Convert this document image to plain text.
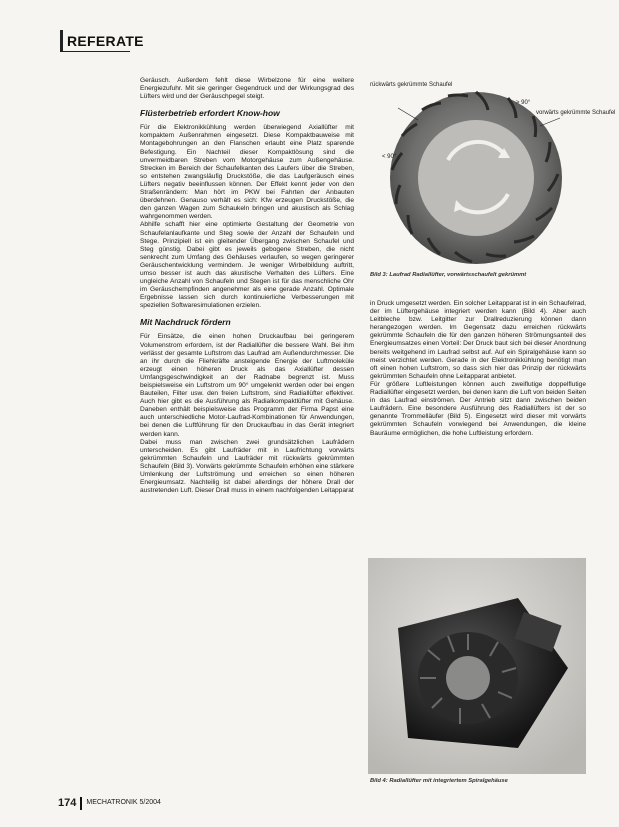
REFERATE

Geräusch. Außerdem fehlt diese Wirbelzone für eine weitere Energiezufuhr. Mit sie geringer Gegendruck und der Wirkungsgrad des Lüfters wird und der Geräuschpegel steigt.

Flüsterbetrieb erfordert Know-how

Für die Elektronikkühlung werden überwiegend Axiallüfter mit kompaktem Außenrahmen eingesetzt. Diese Kompaktbauweise mit Montagebohrungen an den Flanschen erlaubt eine Platz sparende Befestigung. Ein Nachteil dieser Kompaktlösung sind die unvermeidbaren Streben vom Motorgehäuse zum Außengehäuse. Strecken im Bereich der Schaufelkanten des Laufers über die Streben, so entstehen zwangsläufig Druckstöße, die das Laufgeräusch eines Lüfters negativ beeinflussen können. Der Effekt kennt jeder von den Straßenrändern: Man hört im PKW bei Fahrten der Anbauten überdehnen. Genauso verhält es sich: Kfw erzeugen Druckstöße, die den ganzen Wagen zum Schaukeln bringen und akustisch als Schlag wahrgenommen werden.

Abhilfe schafft hier eine optimierte Gestaltung der Geometrie von Schaufelanlaufkante und Steg sowie der Anzahl der Schaufeln und Stege. Prinzipiell ist ein gleitender Übergang zwischen Schaufel und Steg günstig. Dabei gibt es jeweils gebogene Streben, die nicht senkrecht zum Umfang des Gehäuses verlaufen, so wegen geringerer Geräuschentwicklung vermindern. Je weniger Wirbelbildung auftritt, umso besser ist auch das akustische Verhalten des Lüfters. Eine ungleiche Anzahl von Schaufeln und Stegen ist für das menschliche Ohr im Geräuschempfinden angenehmer als eine gerade Anzahl. Optimale Ergebnisse lassen sich durch kontinuierliche Verbesserungen mit speziellen Softwaresimulationen erzielen.

Mit Nachdruck fördern

Für Einsätze, die einen hohen Druckaufbau bei geringerem Volumenstrom erfordern, ist der Radiallüfter die bessere Wahl. Bei ihm verlässt der gesamte Luftstrom das Laufrad am Außendurchmesser. Die an ihr durch die Fliehkräfte ansteigende Energie der Luftmoleküle erzeugt einen höheren Druck als das Axiallüfter dessen Umfangsgeschwindigkeit an der Radnabe begrenzt ist. Muss beispielsweise ein Luftstrom um 90° umgelenkt werden oder bei engen Bauteilen, Filter usw. den freien Luftstrom, sind Radiallüfter effektiver. Auch hier gibt es die Ausführung als Radialkompaktlüfter mit Gehäuse. Daneben enthält beispielsweise das Programm der Firma Papst eine auch unterschiedliche Motor-Laufrad-Kombinationen für Anwendungen, bei denen die Luftführung für den Druckaufbau in das Gerät integriert werden kann.

Dabei muss man zwischen zwei grundsätzlichen Laufrädern unterscheiden. Es gibt Laufräder mit in Laufrichtung vorwärts gekrümmten Schaufeln und Laufräder mit rückwärts gekrümmten Schaufeln (Bild 3). Vorwärts gekrümmte Schaufeln erhöhen eine stärkere Umlenkung der Luftströmung und erreichen so einen höheren Energieumsatz. Nachteilig ist dabei allerdings der höhere Drall der austretenden Luft. Dieser Drall muss in einem nachfolgenden Leitapparat

rückwärts gekrümmte Schaufel
vorwärts gekrümmte Schaufel
> 90°
< 90°
Bild 3: Laufrad Radiallüfter, vorwärtsschaufelt gekrümmt

in Druck umgesetzt werden. Ein solcher Leitapparat ist in ein Schaufelrad, der im Lüftergehäuse integriert werden kann (Bild 4). Aber auch Leitbleche bzw. Leitgitter zur Drallreduzierung können dann herangezogen werden. Im Gegensatz dazu erreichen rückwärts gekrümmte Schaufeln die für den ganzen höheren Strömungsanteil des Energieumsatzes einen Vorteil: Der Druck baut sich bei dieser Anordnung bereits weitgehend im Laufrad selbst auf. Auf ein Spiralgehäuse kann so meist verzichtet werden. Gerade in der Elektronikkühlung benötigt man oft einen hohen Luftstrom, so dass sich hier das Prinzip der rückwärts gekrümmten Schaufeln ohne Leitapparat anbietet.

Für größere Luftleistungen können auch zweiflutige doppelflutige Radiallüfter eingesetzt werden, bei denen kann die Luft von beiden Seiten in das Laufrad einströmen. Der Antrieb sitzt dann zwischen beiden Laufrädern. Eine besondere Ausführung des Radiallüfters ist der so genannte Trommelläufer (Bild 5). Eingesetzt wird dieser mit vorwärts gekrümmten Schaufeln vorwiegend bei Anwendungen, die kleine Bauräume ermöglichen, die hohe Luftleistung erfordern.

Bild 4: Radiallüfter mit integriertem Spiralgehäuse
174 MECHATRONIK 5/2004
